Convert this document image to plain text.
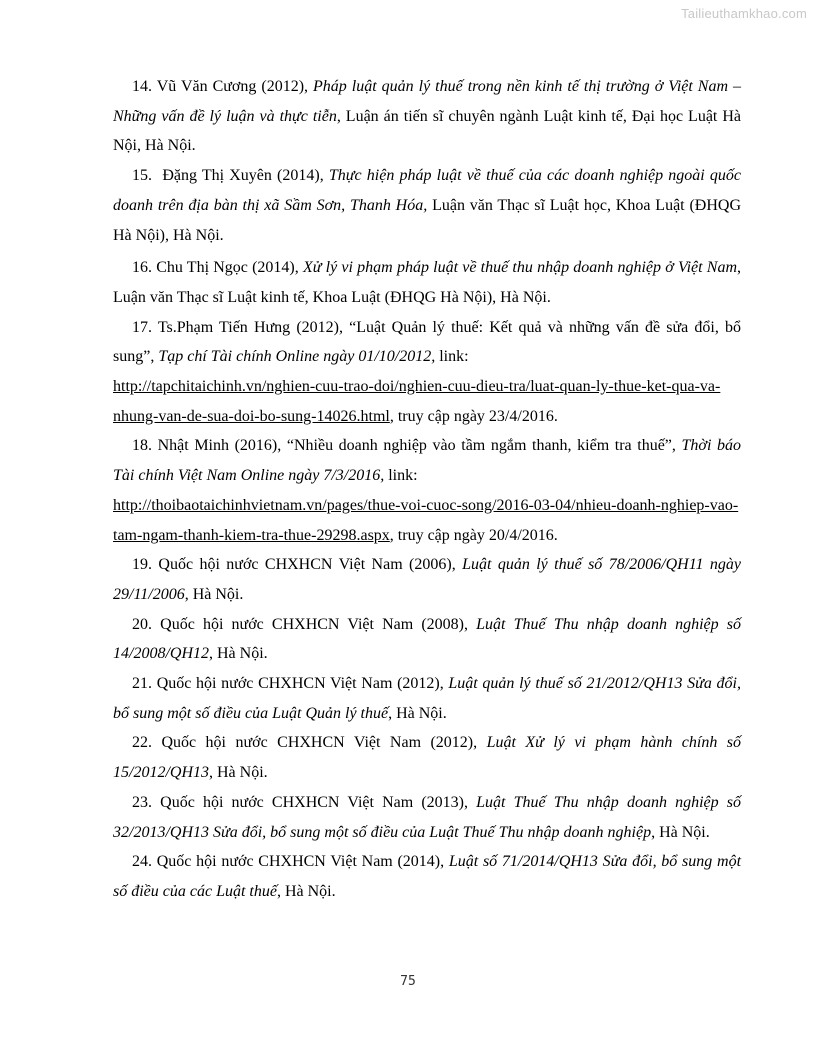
Tailieuthamkhao.com

14. Vũ Văn Cương (2012), Pháp luật quản lý thuế trong nền kinh tế thị trường ở Việt Nam – Những vấn đề lý luận và thực tiễn, Luận án tiến sĩ chuyên ngành Luật kinh tế, Đại học Luật Hà Nội, Hà Nội.

15. Đặng Thị Xuyên (2014), Thực hiện pháp luật về thuế của các doanh nghiệp ngoài quốc doanh trên địa bàn thị xã Sầm Sơn, Thanh Hóa, Luận văn Thạc sĩ Luật học, Khoa Luật (ĐHQG Hà Nội), Hà Nội.

16. Chu Thị Ngọc (2014), Xử lý vi phạm pháp luật về thuế thu nhập doanh nghiệp ở Việt Nam, Luận văn Thạc sĩ Luật kinh tế, Khoa Luật (ĐHQG Hà Nội), Hà Nội.

17. Ts.Phạm Tiến Hưng (2012), “Luật Quản lý thuế: Kết quả và những vấn đề sửa đổi, bổ sung”, Tạp chí Tài chính Online ngày 01/10/2012, link:
http://tapchitaichinh.vn/nghien-cuu-trao-doi/nghien-cuu-dieu-tra/luat-quan-ly-thue-ket-qua-va-nhung-van-de-sua-doi-bo-sung-14026.html, truy cập ngày 23/4/2016.

18. Nhật Minh (2016), “Nhiều doanh nghiệp vào tầm ngắm thanh, kiểm tra thuế”, Thời báo Tài chính Việt Nam Online ngày 7/3/2016, link:
http://thoibaotaichinhvietnam.vn/pages/thue-voi-cuoc-song/2016-03-04/nhieu-doanh-nghiep-vao-tam-ngam-thanh-kiem-tra-thue-29298.aspx, truy cập ngày 20/4/2016.

19. Quốc hội nước CHXHCN Việt Nam (2006), Luật quản lý thuế số 78/2006/QH11 ngày 29/11/2006, Hà Nội.

20. Quốc hội nước CHXHCN Việt Nam (2008), Luật Thuế Thu nhập doanh nghiệp số 14/2008/QH12, Hà Nội.

21. Quốc hội nước CHXHCN Việt Nam (2012), Luật quản lý thuế số 21/2012/QH13 Sửa đổi, bổ sung một số điều của Luật Quản lý thuế, Hà Nội.

22. Quốc hội nước CHXHCN Việt Nam (2012), Luật Xử lý vi phạm hành chính số 15/2012/QH13, Hà Nội.

23. Quốc hội nước CHXHCN Việt Nam (2013), Luật Thuế Thu nhập doanh nghiệp số 32/2013/QH13 Sửa đổi, bổ sung một số điều của Luật Thuế Thu nhập doanh nghiệp, Hà Nội.

24. Quốc hội nước CHXHCN Việt Nam (2014), Luật số 71/2014/QH13 Sửa đổi, bổ sung một số điều của các Luật thuế, Hà Nội.

75
